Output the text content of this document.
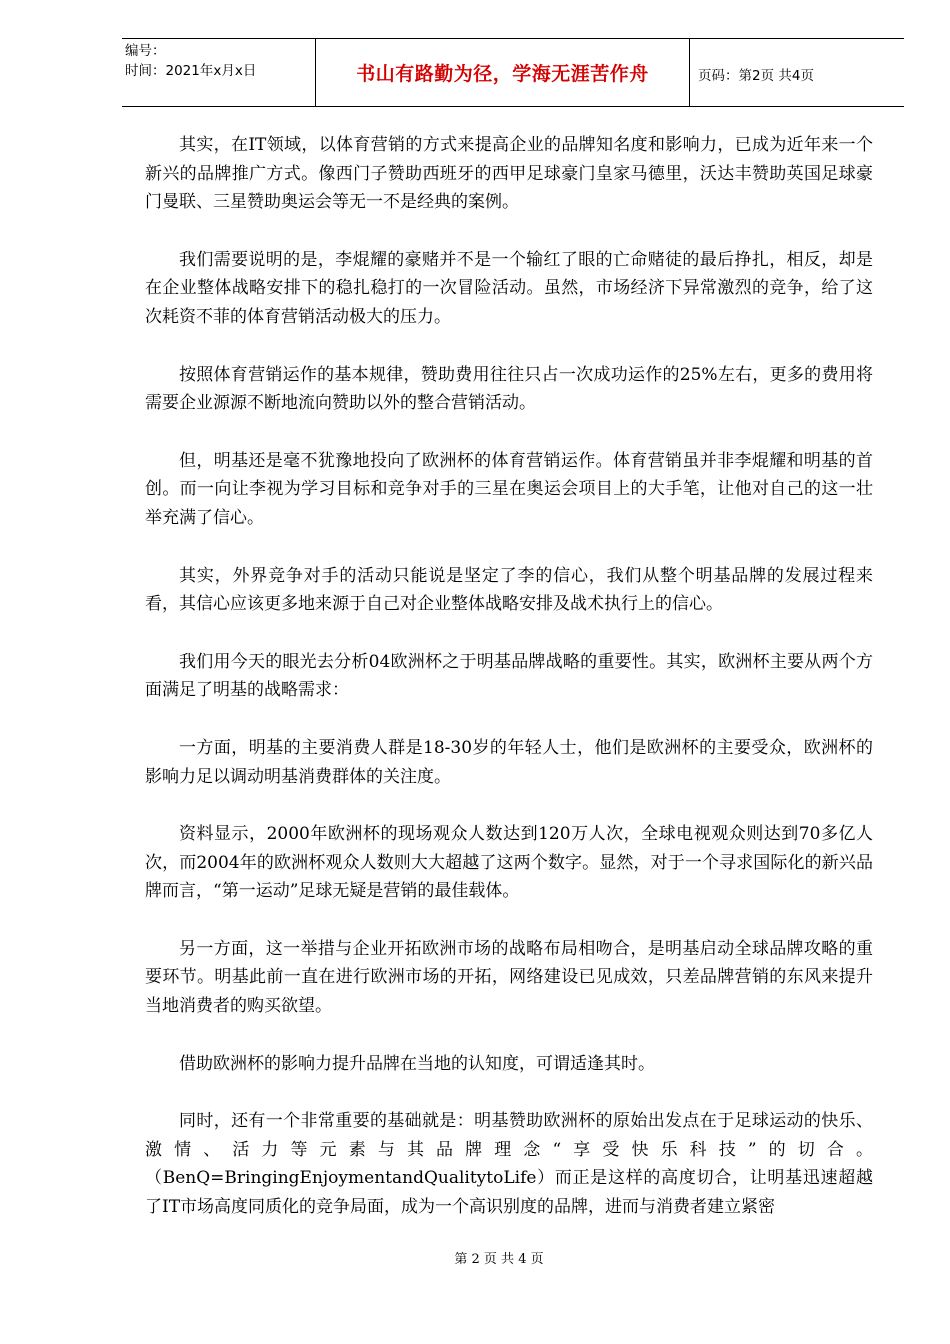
编号：
时间：2021年x月x日	书山有路勤为径，学海无涯苦作舟	页码：第2页 共4页

其实，在IT领域，以体育营销的方式来提高企业的品牌知名度和影响力，已成为近年来一个新兴的品牌推广方式。像西门子赞助西班牙的西甲足球豪门皇家马德里，沃达丰赞助英国足球豪门曼联、三星赞助奥运会等无一不是经典的案例。

我们需要说明的是，李焜耀的豪赌并不是一个输红了眼的亡命赌徒的最后挣扎，相反，却是在企业整体战略安排下的稳扎稳打的一次冒险活动。虽然，市场经济下异常激烈的竞争，给了这次耗资不菲的体育营销活动极大的压力。

按照体育营销运作的基本规律，赞助费用往往只占一次成功运作的25%左右，更多的费用将需要企业源源不断地流向赞助以外的整合营销活动。

但，明基还是毫不犹豫地投向了欧洲杯的体育营销运作。体育营销虽并非李焜耀和明基的首创。而一向让李视为学习目标和竞争对手的三星在奥运会项目上的大手笔，让他对自己的这一壮举充满了信心。

其实，外界竞争对手的活动只能说是坚定了李的信心，我们从整个明基品牌的发展过程来看，其信心应该更多地来源于自己对企业整体战略安排及战术执行上的信心。

我们用今天的眼光去分析04欧洲杯之于明基品牌战略的重要性。其实，欧洲杯主要从两个方面满足了明基的战略需求：

一方面，明基的主要消费人群是18-30岁的年轻人士，他们是欧洲杯的主要受众，欧洲杯的影响力足以调动明基消费群体的关注度。

资料显示，2000年欧洲杯的现场观众人数达到120万人次，全球电视观众则达到70多亿人次，而2004年的欧洲杯观众人数则大大超越了这两个数字。显然，对于一个寻求国际化的新兴品牌而言，“第一运动”足球无疑是营销的最佳载体。

另一方面，这一举措与企业开拓欧洲市场的战略布局相吻合，是明基启动全球品牌攻略的重要环节。明基此前一直在进行欧洲市场的开拓，网络建设已见成效，只差品牌营销的东风来提升当地消费者的购买欲望。

借助欧洲杯的影响力提升品牌在当地的认知度，可谓适逢其时。

同时，还有一个非常重要的基础就是：明基赞助欧洲杯的原始出发点在于足球运动的快乐、激情、活力等元素与其品牌理念“享受快乐科技”的切合。（BenQ=BringingEnjoymentandQualitytoLife）而正是这样的高度切合，让明基迅速超越了IT市场高度同质化的竞争局面，成为一个高识别度的品牌，进而与消费者建立紧密

第 2 页 共 4 页
